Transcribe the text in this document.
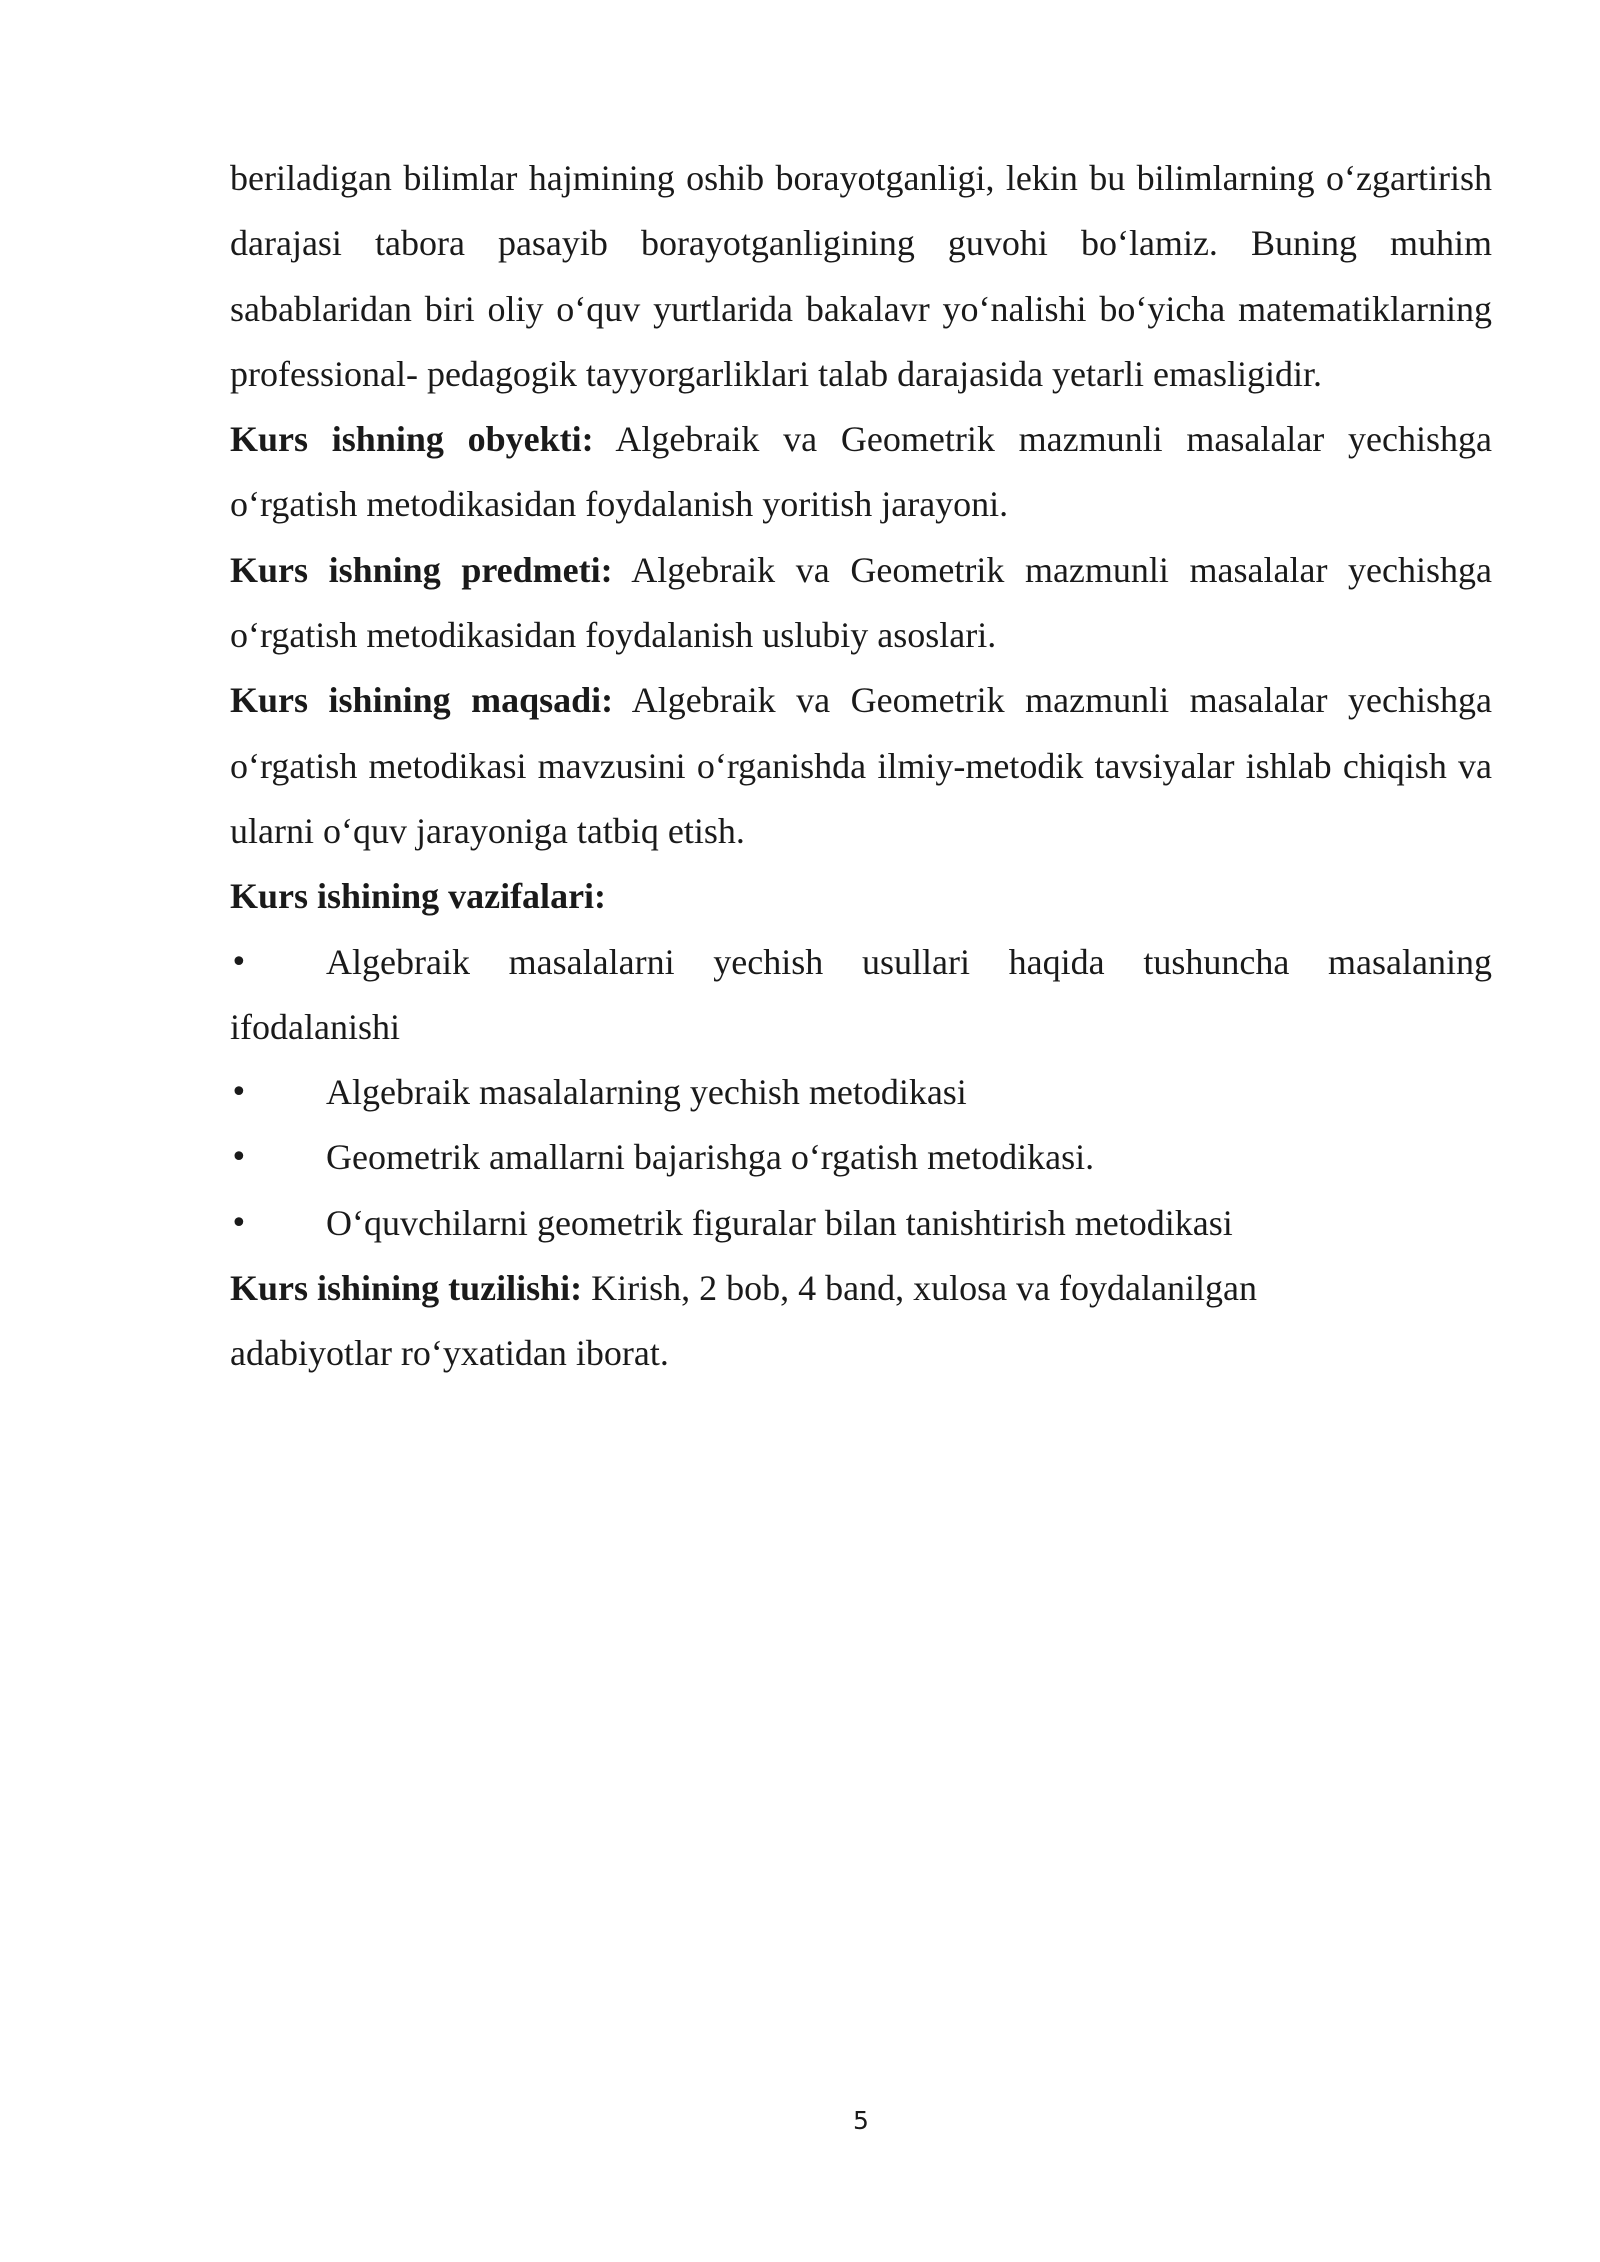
beriladigan bilimlar hajmining oshib borayotganligi, lekin bu bilimlarning o‘zgartirish darajasi tabora pasayib borayotganligining guvohi bo‘lamiz. Buning muhim sabablaridan biri oliy o‘quv yurtlarida bakalavr yo‘nalishi bo‘yicha matematiklarning professional- pedagogik tayyorgarliklari talab darajasida yetarli emasligidir.

Kurs ishning obyekti: Algebraik va Geometrik mazmunli masalalar yechishga o‘rgatish metodikasidan foydalanish yoritish jarayoni.

Kurs ishning predmeti: Algebraik va Geometrik mazmunli masalalar yechishga o‘rgatish metodikasidan foydalanish uslubiy asoslari.

Kurs ishining maqsadi: Algebraik va Geometrik mazmunli masalalar yechishga o‘rgatish metodikasi mavzusini o‘rganishda ilmiy-metodik tavsiyalar ishlab chiqish va ularni o‘quv jarayoniga tatbiq etish.

Kurs ishining vazifalari:

•	Algebraik masalalarni yechish usullari haqida tushuncha masalaning ifodalanishi

•	Algebraik masalalarning yechish metodikasi

•	Geometrik amallarni bajarishga o‘rgatish metodikasi.

•	O‘quvchilarni geometrik figuralar bilan tanishtirish metodikasi

Kurs ishining tuzilishi: Kirish, 2 bob, 4 band, xulosa va foydalanilgan adabiyotlar ro‘yxatidan iborat.

5
